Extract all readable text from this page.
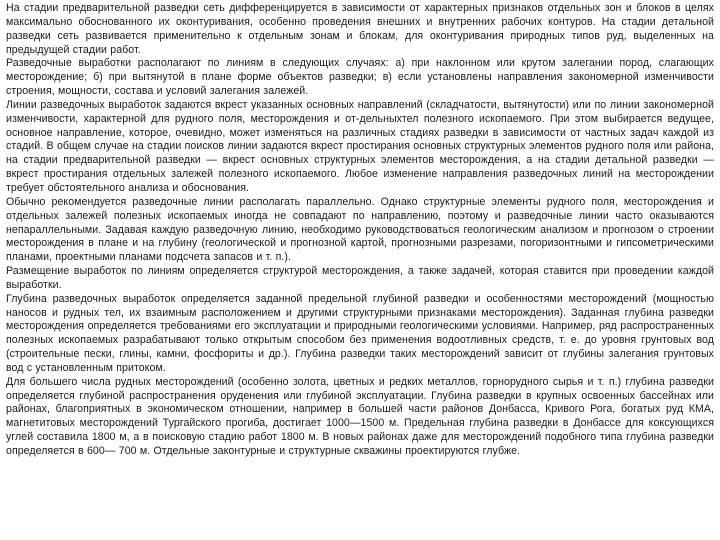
На стадии предварительной разведки сеть дифференцируется в зависимости от характерных признаков отдельных зон и блоков в целях максимально обоснованного их оконтуривания, особенно проведения внешних и внутренних рабочих контуров. На стадии детальной разведки сеть развивается применительно к отдельным зонам и блокам, для оконтуривания природных типов руд, выделенных на предыдущей стадии работ.

Разведочные выработки располагают по линиям в следующих случаях: а) при наклонном или крутом залегании пород, слагающих месторождение; б) при вытянутой в плане форме объектов разведки; в) если установлены направления закономерной изменчивости строения, мощности, состава и условий залегания залежей.

Линии разведочных выработок задаются вкрест указанных основных направлений (складчатости, вытянутости) или по линии закономерной изменчивости, характерной для рудного поля, месторождения и от-дельныхтел полезного ископаемого. При этом выбирается ведущее, основное направление, которое, очевидно, может изменяться на различных стадиях разведки в зависимости от частных задач каждой из стадий. В общем случае на стадии поисков линии задаются вкрест простирания основных структурных элементов рудного поля или района, на стадии предварительной разведки — вкрест основных структурных элементов месторождения, а на стадии детальной разведки — вкрест простирания отдельных залежей полезного ископаемого. Любое изменение направления разведочных линий на месторождении требует обстоятельного анализа и обоснования.

Обычно рекомендуется разведочные линии располагать параллельно. Однако структурные элементы рудного поля, месторождения и отдельных залежей полезных ископаемых иногда не совпадают по направлению, поэтому и разведочные линии часто оказываются непараллельными. Задавая каждую разведочную линию, необходимо руководствоваться геологическим анализом и прогнозом о строении месторождения в плане и на глубину (геологической и прогнозной картой, прогнозными разрезами, погоризонтными и гипсометрическими планами, проектными планами подсчета запасов и т. п.).

Размещение выработок по линиям определяется структурой месторождения, а также задачей, которая ставится при проведении каждой выработки.

Глубина разведочных выработок определяется заданной предельной глубиной разведки и особенностями месторождений (мощностью наносов и рудных тел, их взаимным расположением и другими структурными признаками месторождения). Заданная глубина разведки месторождения определяется требованиями его эксплуатации и природными геологическими условиями. Например, ряд распространенных полезных ископаемых разрабатывают только открытым способом без применения водоотливных средств, т. е. до уровня грунтовых вод (строительные пески, глины, камни, фосфориты и др.). Глубина разведки таких месторождений зависит от глубины залегания грунтовых вод с установленным притоком.

Для большего числа рудных месторождений (особенно золота, цветных и редких металлов, горнорудного сырья и т. п.) глубина разведки определяется глубиной распространения оруденения или глубиной эксплуатации. Глубина разведки в крупных освоенных бассейнах или районах, благоприятных в экономическом отношении, например в большей части районов Донбасса, Кривого Рога, богатых руд КМА, магнетитовых месторождений Тургайского прогиба, достигает 1000—1500 м. Предельная глубина разведки в Донбассе для коксующихся углей составила 1800 м, а в поисковую стадию работ 1800 м. В новых районах даже для месторождений подобного типа глубина разведки определяется в 600— 700 м. Отдельные законтурные и структурные скважины проектируются глубже.
